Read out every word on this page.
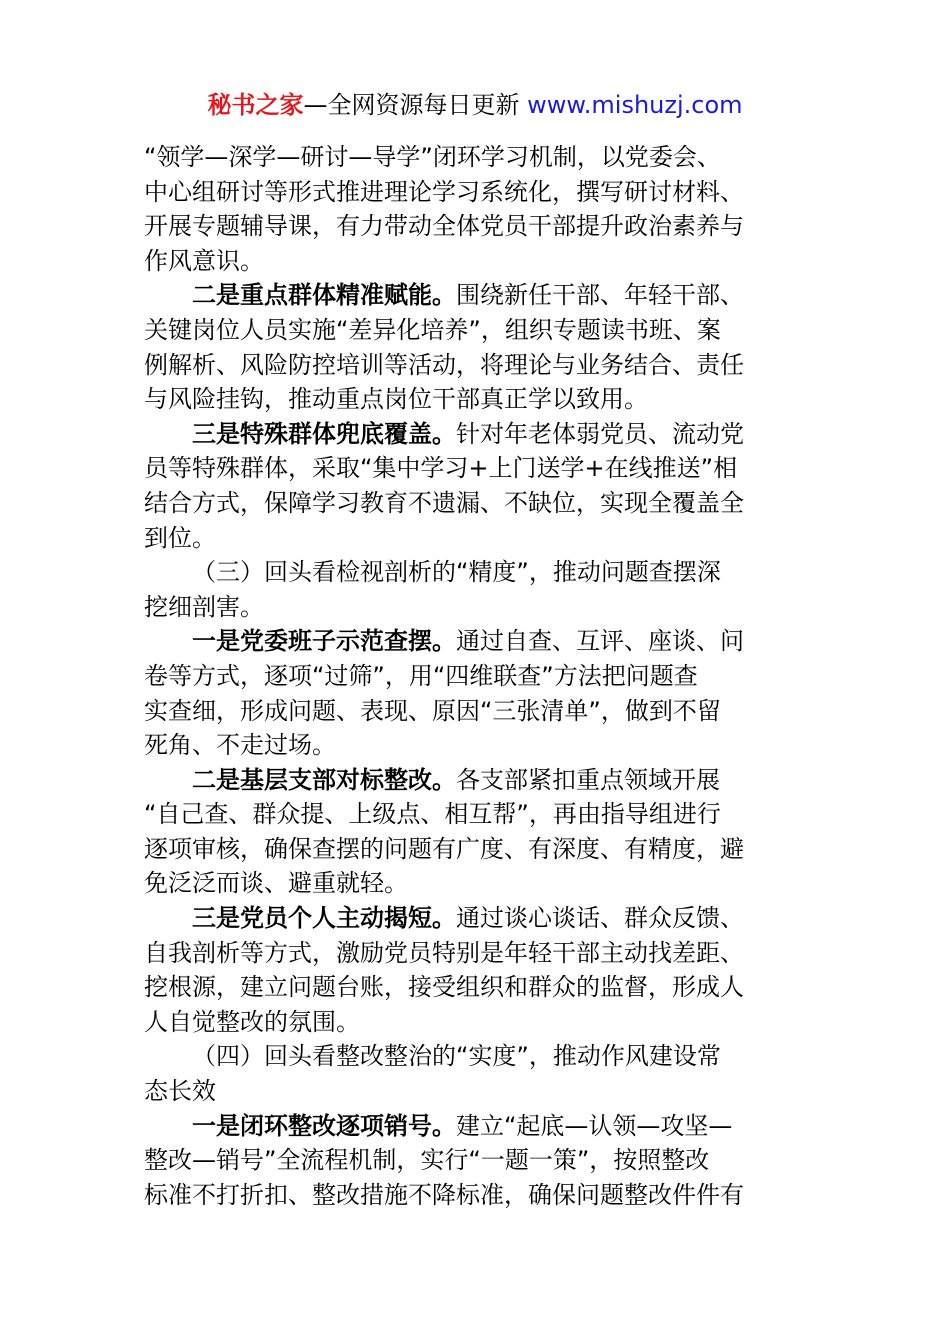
秘书之家—全网资源每日更新 www.mishuzj.com
“领学—深学—研讨—导学”闭环学习机制，以党委会、
中心组研讨等形式推进理论学习系统化，撰写研讨材料、
开展专题辅导课，有力带动全体党员干部提升政治素养与
作风意识。
二是重点群体精准赋能。围绕新任干部、年轻干部、
关键岗位人员实施“差异化培养”，组织专题读书班、案
例解析、风险防控培训等活动，将理论与业务结合、责任
与风险挂钩，推动重点岗位干部真正学以致用。
三是特殊群体兜底覆盖。针对年老体弱党员、流动党
员等特殊群体，采取“集中学习+上门送学+在线推送”相
结合方式，保障学习教育不遗漏、不缺位，实现全覆盖全
到位。
（三）回头看检视剖析的“精度”，推动问题查摆深
挖细剖害。
一是党委班子示范查摆。通过自查、互评、座谈、问
卷等方式，逐项“过筛”，用“四维联查”方法把问题查
实查细，形成问题、表现、原因“三张清单”，做到不留
死角、不走过场。
二是基层支部对标整改。各支部紧扣重点领域开展
“自己查、群众提、上级点、相互帮”，再由指导组进行
逐项审核，确保查摆的问题有广度、有深度、有精度，避
免泛泛而谈、避重就轻。
三是党员个人主动揭短。通过谈心谈话、群众反馈、
自我剖析等方式，激励党员特别是年轻干部主动找差距、
挖根源，建立问题台账，接受组织和群众的监督，形成人
人自觉整改的氛围。
（四）回头看整改整治的“实度”，推动作风建设常
态长效
一是闭环整改逐项销号。建立“起底—认领—攻坚—
整改—销号”全流程机制，实行“一题一策”，按照整改
标准不打折扣、整改措施不降标准，确保问题整改件件有
